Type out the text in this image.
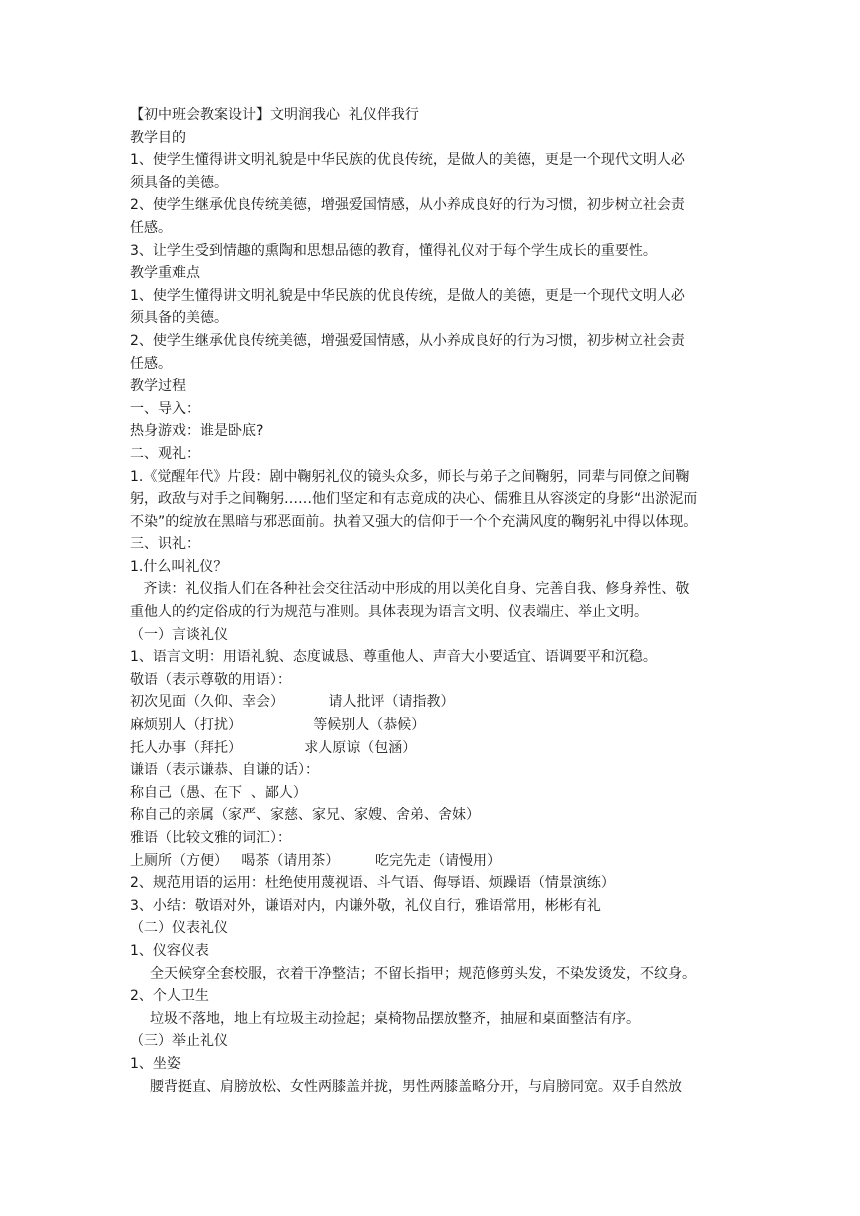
【初中班会教案设计】文明润我心  礼仪伴我行

教学目的

1、使学生懂得讲文明礼貌是中华民族的优良传统，是做人的美德，更是一个现代文明人必

须具备的美德。

2、使学生继承优良传统美德，增强爱国情感，从小养成良好的行为习惯，初步树立社会责

任感。

3、让学生受到情趣的熏陶和思想品德的教育，懂得礼仪对于每个学生成长的重要性。

教学重难点

1、使学生懂得讲文明礼貌是中华民族的优良传统，是做人的美德，更是一个现代文明人必

须具备的美德。

2、使学生继承优良传统美德，增强爱国情感，从小养成良好的行为习惯，初步树立社会责

任感。

教学过程

一、导入：

热身游戏：谁是卧底?

二、观礼：

1.《觉醒年代》片段：剧中鞠躬礼仪的镜头众多，师长与弟子之间鞠躬，同辈与同僚之间鞠

躬，政敌与对手之间鞠躬……他们坚定和有志竟成的决心、儒雅且从容淡定的身影“出淤泥而

不染”的绽放在黑暗与邪恶面前。执着又强大的信仰于一个个充满风度的鞠躬礼中得以体现。

三、识礼：

1.什么叫礼仪？

齐读：礼仪指人们在各种社会交往活动中形成的用以美化自身、完善自我、修身养性、敬

重他人的约定俗成的行为规范与准则。具体表现为语言文明、仪表端庄、举止文明。

（一）言谈礼仪

1、语言文明：用语礼貌、态度诚恳、尊重他人、声音大小要适宜、语调要平和沉稳。

敬语（表示尊敬的用语）：

初次见面（久仰、幸会）          请人批评（请指教）

麻烦别人（打扰）                等候别人（恭候）

托人办事（拜托）              求人原谅（包涵）

谦语（表示谦恭、自谦的话）：

称自己（愚、在下  、鄙人）

称自己的亲属（家严、家慈、家兄、家嫂、舍弟、舍妹）

雅语（比较文雅的词汇）：

上厕所（方便）   喝茶（请用茶）        吃完先走（请慢用）

2、规范用语的运用：杜绝使用蔑视语、斗气语、侮辱语、烦躁语（情景演练）

3、小结：敬语对外，谦语对内，内谦外敬，礼仪自行，雅语常用，彬彬有礼

（二）仪表礼仪

1、仪容仪表

全天候穿全套校服，衣着干净整洁；不留长指甲；规范修剪头发，不染发烫发，不纹身。

2、个人卫生

垃圾不落地，地上有垃圾主动捡起；桌椅物品摆放整齐，抽屉和桌面整洁有序。

（三）举止礼仪

1、坐姿

腰背挺直、肩膀放松、女性两膝盖并拢，男性两膝盖略分开，与肩膀同宽。双手自然放
